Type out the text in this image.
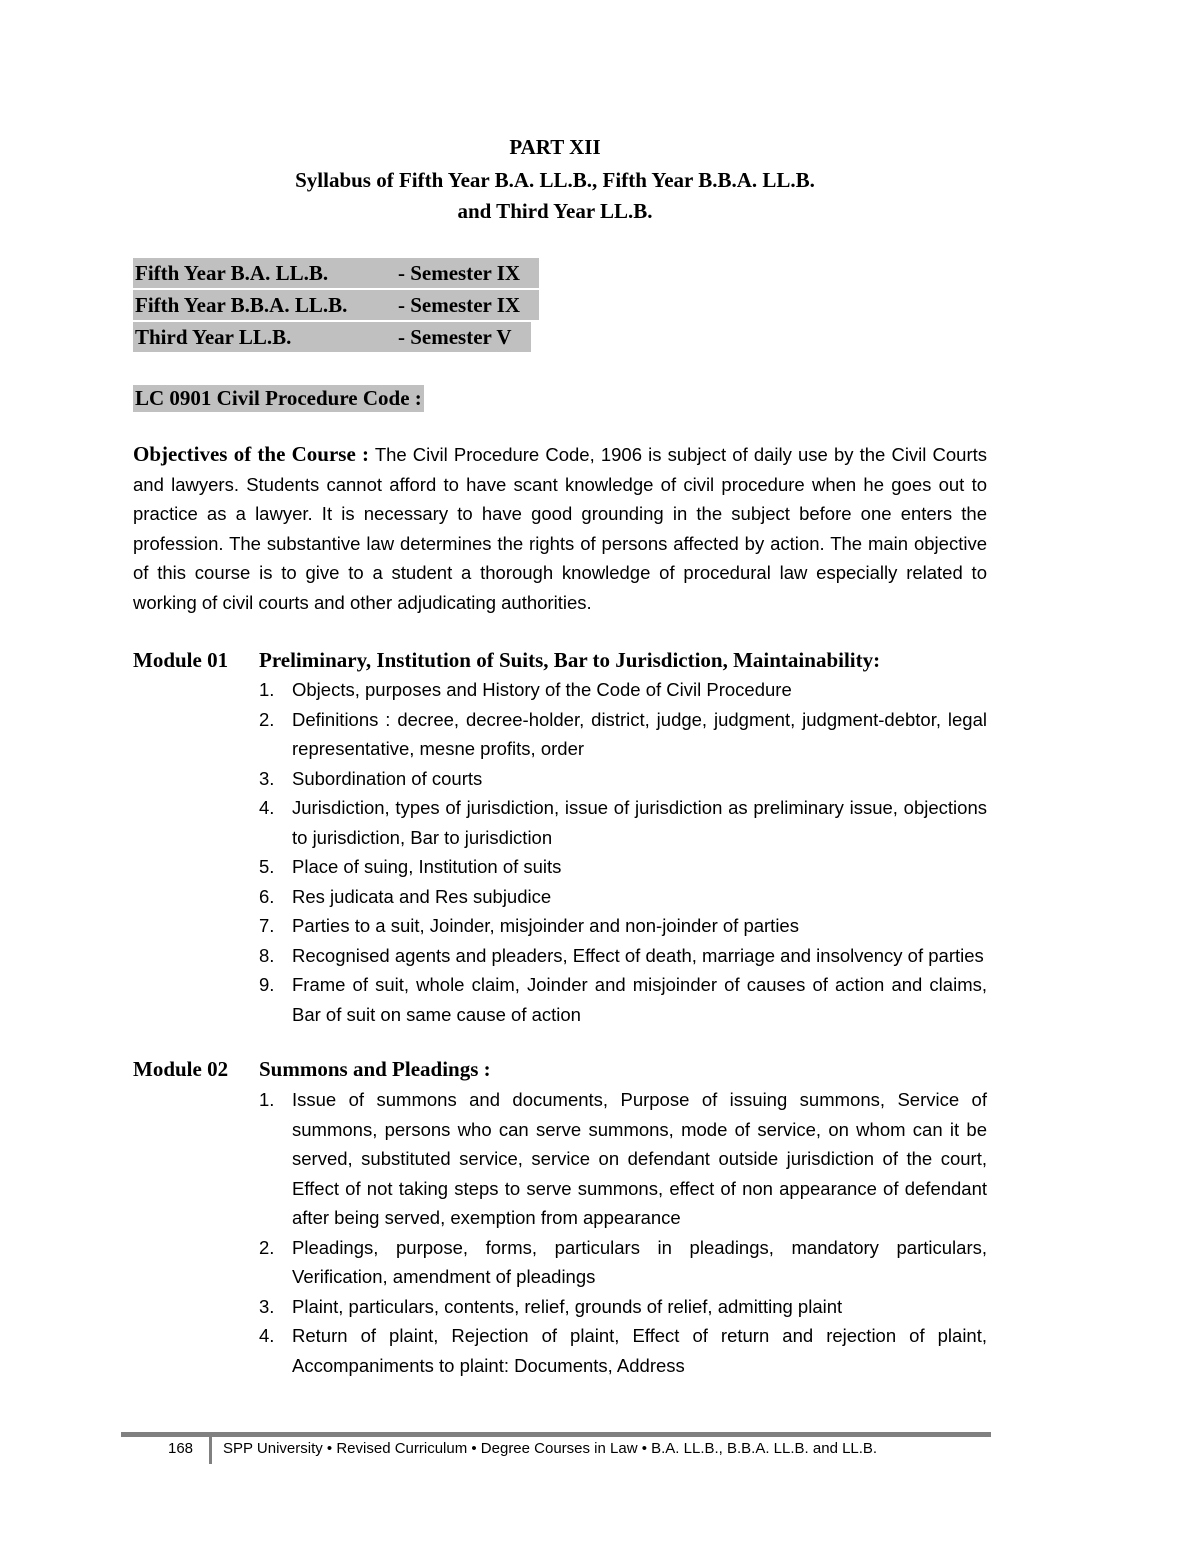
PART XII
Syllabus of Fifth Year B.A. LL.B., Fifth Year B.B.A. LL.B.
and Third Year LL.B.
Fifth Year B.A. LL.B.	- Semester IX
Fifth Year B.B.A. LL.B. - Semester IX
Third Year LL.B.	- Semester V
LC 0901 Civil Procedure Code :

Objectives of the Course : The Civil Procedure Code, 1906 is subject of daily use by the Civil Courts and lawyers. Students cannot afford to have scant knowledge of civil procedure when he goes out to practice as a lawyer. It is necessary to have good grounding in the subject before one enters the profession. The substantive law determines the rights of persons affected by action. The main objective of this course is to give to a student a thorough knowledge of procedural law especially related to working of civil courts and other adjudicating authorities.

Module 01 Preliminary, Institution of Suits, Bar to Jurisdiction, Maintainability:
1. Objects, purposes and History of the Code of Civil Procedure
2. Definitions : decree, decree-holder, district, judge, judgment, judgment-debtor, legal representative, mesne profits, order
3. Subordination of courts
4. Jurisdiction, types of jurisdiction, issue of jurisdiction as preliminary issue, objections to jurisdiction, Bar to jurisdiction
5. Place of suing, Institution of suits
6. Res judicata and Res subjudice
7. Parties to a suit, Joinder, misjoinder and non-joinder of parties
8. Recognised agents and pleaders, Effect of death, marriage and insolvency of parties
9. Frame of suit, whole claim, Joinder and misjoinder of causes of action and claims, Bar of suit on same cause of action
Module 02 Summons and Pleadings :
1. Issue of summons and documents, Purpose of issuing summons, Service of summons, persons who can serve summons, mode of service, on whom can it be served, substituted service, service on defendant outside jurisdiction of the court, Effect of not taking steps to serve summons, effect of non appearance of defendant after being served, exemption from appearance
2. Pleadings, purpose, forms, particulars in pleadings, mandatory particulars, Verification, amendment of pleadings
3. Plaint, particulars, contents, relief, grounds of relief, admitting plaint
4. Return of plaint, Rejection of plaint, Effect of return and rejection of plaint, Accompaniments to plaint: Documents, Address
168 SPP University • Revised Curriculum • Degree Courses in Law • B.A. LL.B., B.B.A. LL.B. and LL.B.
